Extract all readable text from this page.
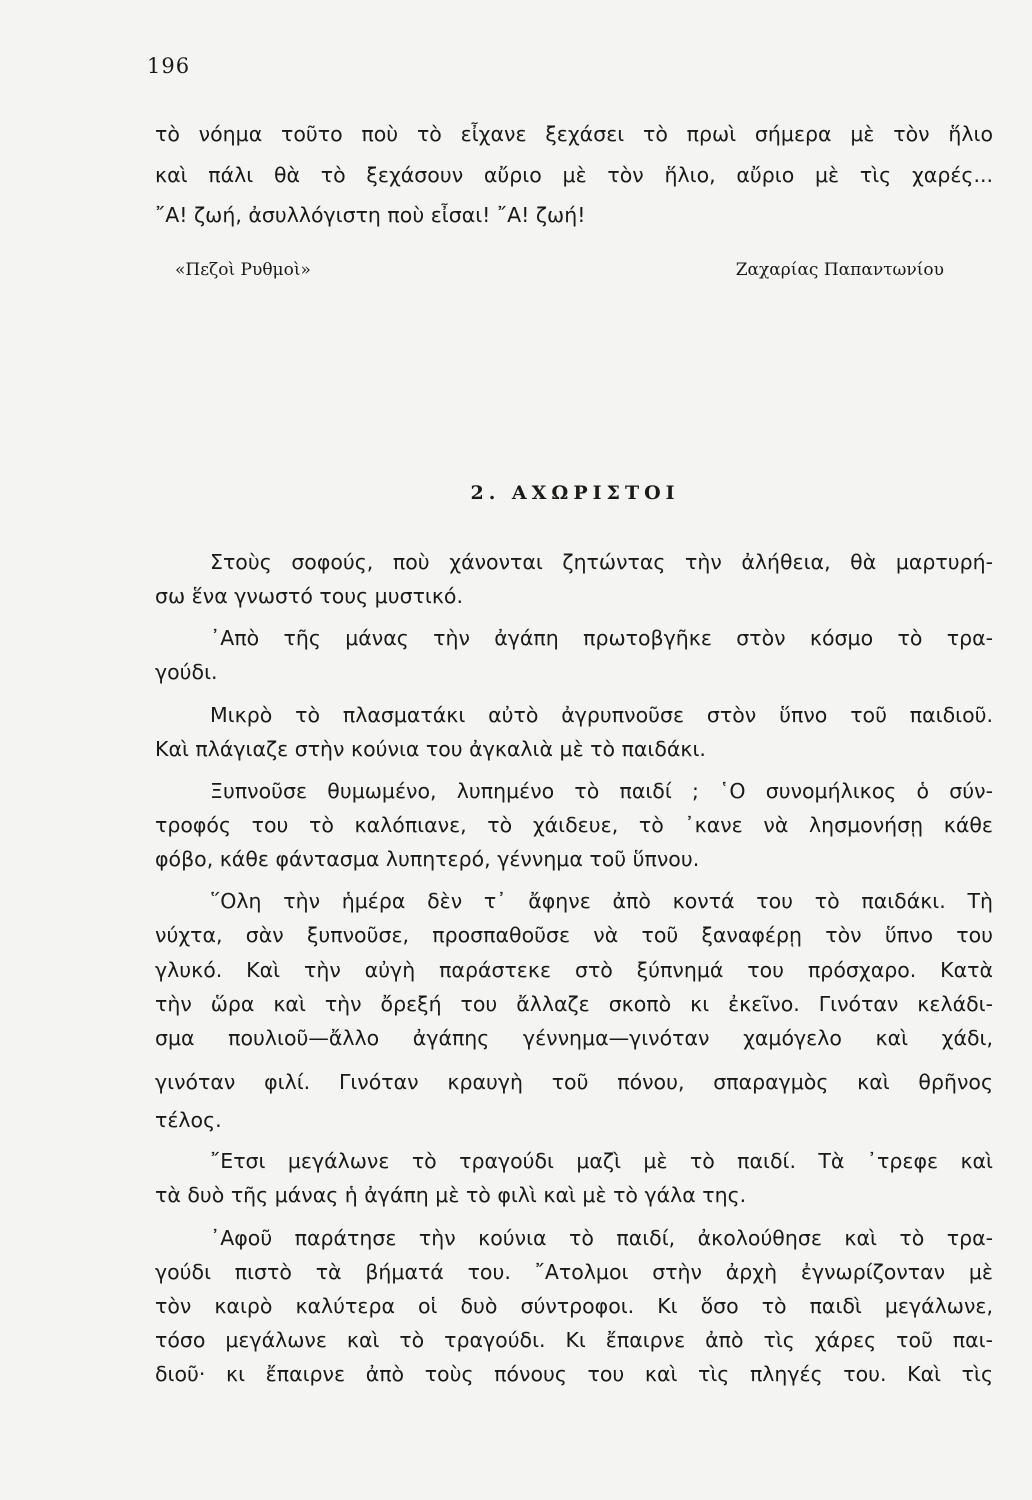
196
τὸ νόημα τοῦτο ποὺ τὸ εἶχανε ξεχάσει τὸ πρωὶ σήμερα μὲ τὸν ἥλιο
καὶ πάλι θὰ τὸ ξεχάσουν αὔριο μὲ τὸν ἥλιο, αὔριο μὲ τὶς χαρές...
῎Α! ζωή, ἀσυλλόγιστη ποὺ εἶσαι! ῎Α! ζωή!
«Πεζοὶ Ρυθμοὶ»	Ζαχαρίας Παπαντωνίου
2. ΑΧΩΡΙΣΤΟΙ
Στοὺς σοφούς, ποὺ χάνονται ζητώντας τὴν ἀλήθεια, θὰ μαρτυρή-
σω ἕνα γνωστό τους μυστικό.
᾿Απὸ τῆς μάνας τὴν ἀγάπη πρωτοβγῆκε στὸν κόσμο τὸ τρα-
γούδι.
Μικρὸ τὸ πλασματάκι αὐτὸ ἀγρυπνοῦσε στὸν ὕπνο τοῦ παιδιοῦ.
Καὶ πλάγιαζε στὴν κούνια του ἀγκαλιὰ μὲ τὸ παιδάκι.
Ξυπνοῦσε θυμωμένο, λυπημένο τὸ παιδί ; ῾Ο συνομήλικος ὁ σύν-
τροφός του τὸ καλόπιανε, τὸ χάιδευε, τὸ ᾿κανε νὰ λησμονήσῃ κάθε
φόβο, κάθε φάντασμα λυπητερό, γέννημα τοῦ ὕπνου.
῞Ολη τὴν ἡμέρα δὲν τ᾿ ἄφηνε ἀπὸ κοντά του τὸ παιδάκι. Τὴ
νύχτα, σὰν ξυπνοῦσε, προσπαθοῦσε νὰ τοῦ ξαναφέρῃ τὸν ὕπνο του
γλυκό. Καὶ τὴν αὐγὴ παράστεκε στὸ ξύπνημά του πρόσχαρο. Κατὰ
τὴν ὥρα καὶ τὴν ὄρεξή του ἄλλαζε σκοπὸ κι ἐκεῖνο. Γινόταν κελάδι-
σμα πουλιοῦ—ἄλλο ἀγάπης γέννημα—γινόταν χαμόγελο καὶ χάδι,
γινόταν φιλί. Γινόταν κραυγὴ τοῦ πόνου, σπαραγμὸς καὶ θρῆνος
τέλος.
῎Ετσι μεγάλωνε τὸ τραγούδι μαζὶ μὲ τὸ παιδί. Τὰ ᾿τρεφε καὶ
τὰ δυὸ τῆς μάνας ἡ ἀγάπη μὲ τὸ φιλὶ καὶ μὲ τὸ γάλα της.
᾿Αφοῦ παράτησε τὴν κούνια τὸ παιδί, ἀκολούθησε καὶ τὸ τρα-
γούδι πιστὸ τὰ βήματά του. ῎Ατολμοι στὴν ἀρχὴ ἐγνωρίζονταν μὲ
τὸν καιρὸ καλύτερα οἱ δυὸ σύντροφοι. Κι ὅσο τὸ παιδὶ μεγάλωνε,
τόσο μεγάλωνε καὶ τὸ τραγούδι. Κι ἔπαιρνε ἀπὸ τὶς χάρες τοῦ παι-
διοῦ· κι ἔπαιρνε ἀπὸ τοὺς πόνους του καὶ τὶς πληγές του. Καὶ τὶς
